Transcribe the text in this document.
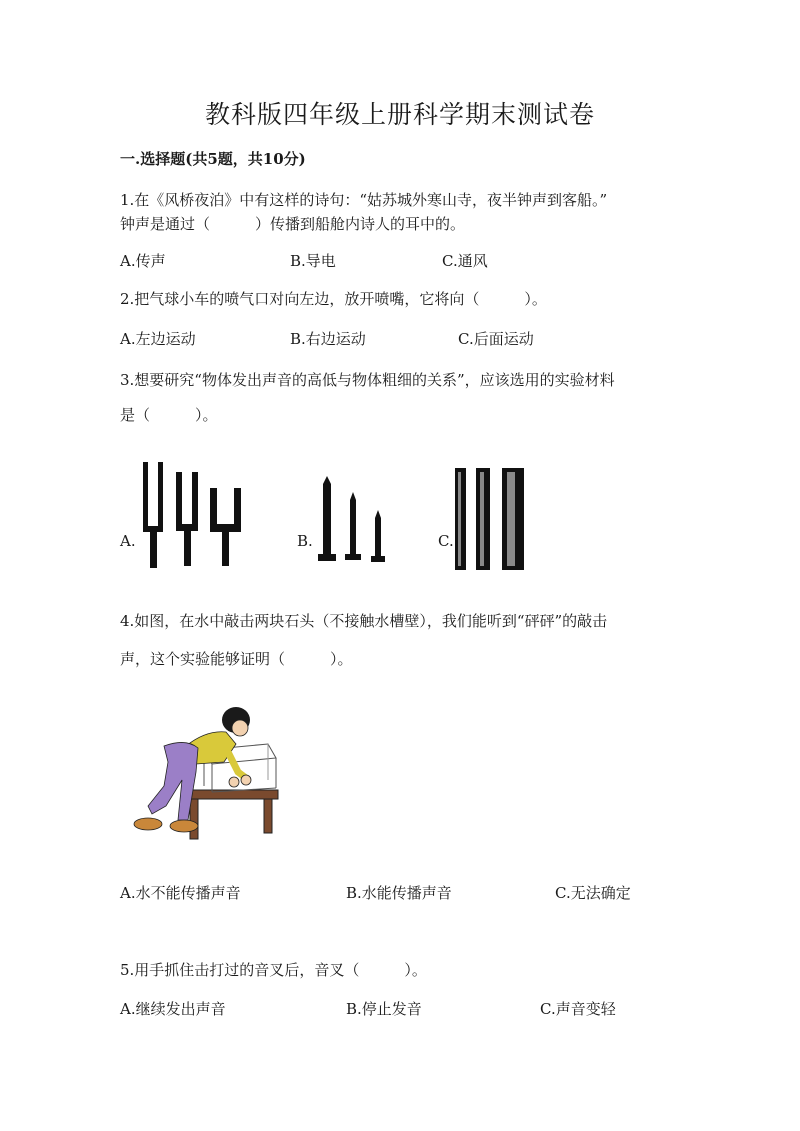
教科版四年级上册科学期末测试卷
一.选择题(共5题，共10分)
1.在《风桥夜泊》中有这样的诗句：“姑苏城外寒山寺，夜半钟声到客船。”
钟声是通过（　　　）传播到船舱内诗人的耳中的。
A.传声	B.导电	C.通风
2.把气球小车的喷气口对向左边，放开喷嘴，它将向（　　　）。
A.左边运动	B.右边运动	C.后面运动
3.想要研究“物体发出声音的高低与物体粗细的关系”，应该选用的实验材料
是（　　　）。
A.	B.	C.
4.如图，在水中敲击两块石头（不接触水槽壁），我们能听到“砰砰”的敲击
声，这个实验能够证明（　　　）。
A.水不能传播声音	B.水能传播声音	C.无法确定
5.用手抓住击打过的音叉后，音叉（　　　）。
A.继续发出声音	B.停止发音	C.声音变轻
